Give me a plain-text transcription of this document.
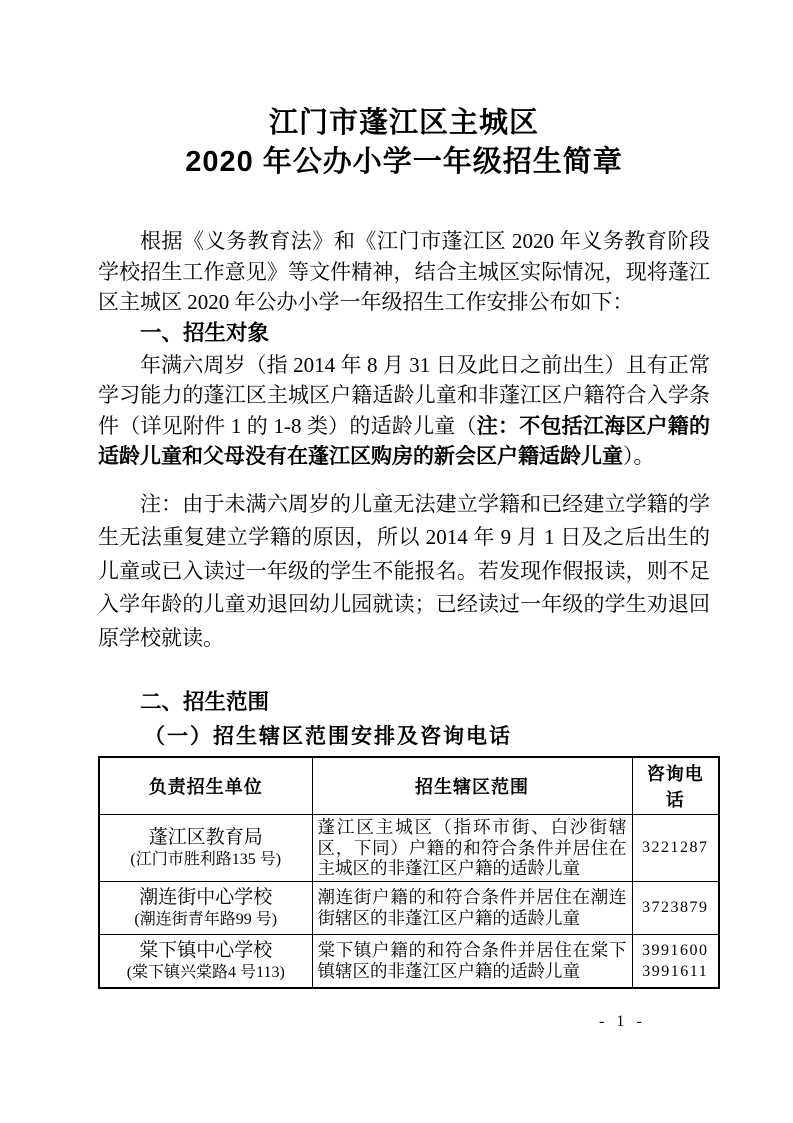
江门市蓬江区主城区
2020 年公办小学一年级招生简章

根据《义务教育法》和《江门市蓬江区 2020 年义务教育阶段学校招生工作意见》等文件精神，结合主城区实际情况，现将蓬江区主城区 2020 年公办小学一年级招生工作安排公布如下：

一、招生对象

年满六周岁（指 2014 年 8 月 31 日及此日之前出生）且有正常学习能力的蓬江区主城区户籍适龄儿童和非蓬江区户籍符合入学条件（详见附件 1 的 1-8 类）的适龄儿童（注：不包括江海区户籍的适龄儿童和父母没有在蓬江区购房的新会区户籍适龄儿童）。

注：由于未满六周岁的儿童无法建立学籍和已经建立学籍的学生无法重复建立学籍的原因，所以 2014 年 9 月 1 日及之后出生的儿童或已入读过一年级的学生不能报名。若发现作假报读，则不足入学年龄的儿童劝退回幼儿园就读；已经读过一年级的学生劝退回原学校就读。

二、招生范围
（一）招生辖区范围安排及咨询电话
负责招生单位	招生辖区范围	咨询电话

蓬江区教育局
(江门市胜利路135 号)	蓬江区主城区（指环市街、白沙街辖区，下同）户籍的和符合条件并居住在主城区的非蓬江区户籍的适龄儿童	3221287

潮连街中心学校
(潮连街青年路99 号)	潮连街户籍的和符合条件并居住在潮连街辖区的非蓬江区户籍的适龄儿童	3723879

棠下镇中心学校
(棠下镇兴棠路4 号113)
	棠下镇户籍的和符合条件并居住在棠下镇辖区的非蓬江区户籍的适龄儿童	
3991600
3991611
- 1 -
